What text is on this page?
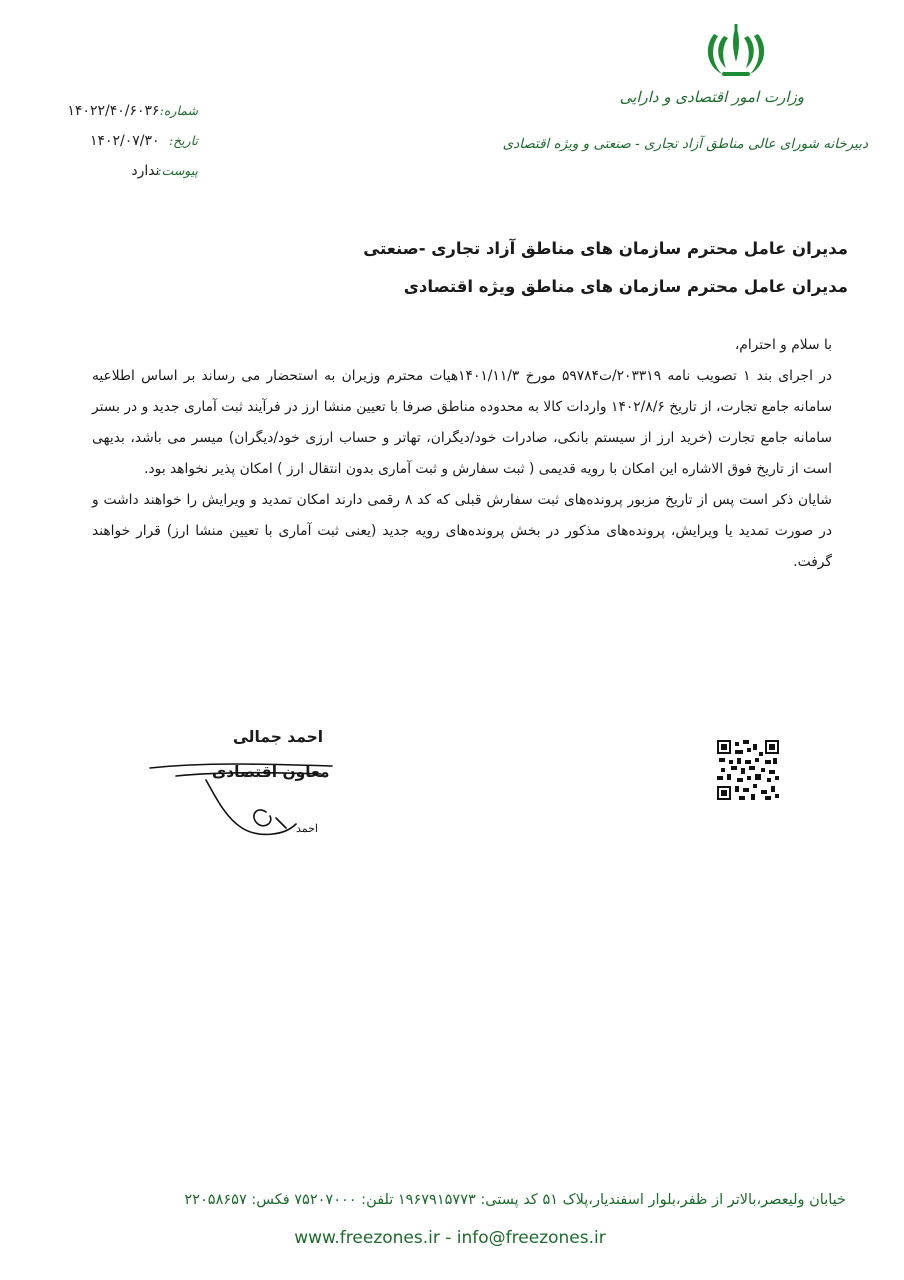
وزارت امور اقتصادی و دارایی
دبیرخانه شورای عالی مناطق آزاد تجاری - صنعتی و ویژه اقتصادی
شماره: ۱۴۰۲۲/۴۰/۶۰۳۶
تاریخ: ۱۴۰۲/۰۷/۳۰
پیوست: ندارد
مدیران عامل محترم سازمان های مناطق آزاد تجاری -صنعتی
مدیران عامل محترم سازمان های مناطق ویژه اقتصادی

با سلام و احترام،

در اجرای بند ۱ تصویب نامه ۲۰۳۳۱۹/ت۵۹۷۸۴ مورخ ۱۴۰۱/۱۱/۳هیات محترم وزیران به استحضار می رساند بر اساس اطلاعیه سامانه جامع تجارت، از تاریخ ۱۴۰۲/۸/۶ واردات کالا به محدوده مناطق صرفا با تعیین منشا ارز در فرآیند ثبت آماری جدید و در بستر سامانه جامع تجارت (خرید ارز از سیستم بانکی، صادرات خود/دیگران، تهاتر و حساب ارزی خود/دیگران) میسر می باشد، بدیهی است از تاریخ فوق الاشاره این امکان با رویه قدیمی ( ثبت سفارش و ثبت آماری بدون انتقال ارز ) امکان پذیر نخواهد بود.

شایان ذکر است پس از تاریخ مزبور پرونده‌های ثبت سفارش قبلی که کد ۸ رقمی دارند امکان تمدید و ویرایش را خواهند داشت و در صورت تمدید یا ویرایش، پرونده‌های مذکور در بخش پرونده‌های رویه جدید (یعنی ثبت آماری با تعیین منشا ارز) قرار خواهند گرفت.

احمد جمالی
معاون اقتصادی
احمد
خیابان ولیعصر،بالاتر از ظفر،بلوار اسفندیار،پلاک ۵۱ کد پستی: ۱۹۶۷۹۱۵۷۷۳ تلفن: ۷۵۲۰۷۰۰۰ فکس: ۲۲۰۵۸۶۵۷
www.freezones.ir - info@freezones.ir
